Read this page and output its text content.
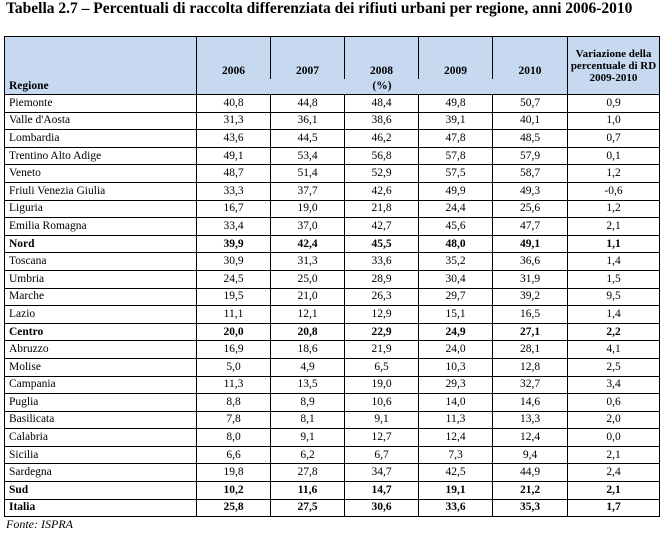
Tabella 2.7 – Percentuali di raccolta differenziata dei rifiuti urbani per regione, anni 2006-2010
Regione	2006	2007	2008	2009	2010	Variazione della percentuale di RD 2009-2010
	(%)					
Piemonte	40,8	44,8	48,4	49,8	50,7	0,9
Valle d'Aosta	31,3	36,1	38,6	39,1	40,1	1,0
Lombardia	43,6	44,5	46,2	47,8	48,5	0,7
Trentino Alto Adige	49,1	53,4	56,8	57,8	57,9	0,1
Veneto	48,7	51,4	52,9	57,5	58,7	1,2
Friuli Venezia Giulia	33,3	37,7	42,6	49,9	49,3	-0,6
Liguria	16,7	19,0	21,8	24,4	25,6	1,2
Emilia Romagna	33,4	37,0	42,7	45,6	47,7	2,1
Nord	39,9	42,4	45,5	48,0	49,1	1,1
Toscana	30,9	31,3	33,6	35,2	36,6	1,4
Umbria	24,5	25,0	28,9	30,4	31,9	1,5
Marche	19,5	21,0	26,3	29,7	39,2	9,5
Lazio	11,1	12,1	12,9	15,1	16,5	1,4
Centro	20,0	20,8	22,9	24,9	27,1	2,2
Abruzzo	16,9	18,6	21,9	24,0	28,1	4,1
Molise	5,0	4,9	6,5	10,3	12,8	2,5
Campania	11,3	13,5	19,0	29,3	32,7	3,4
Puglia	8,8	8,9	10,6	14,0	14,6	0,6
Basilicata	7,8	8,1	9,1	11,3	13,3	2,0
Calabria	8,0	9,1	12,7	12,4	12,4	0,0
Sicilia	6,6	6,2	6,7	7,3	9,4	2,1
Sardegna	19,8	27,8	34,7	42,5	44,9	2,4
Sud	10,2	11,6	14,7	19,1	21,2	2,1
Italia	25,8	27,5	30,6	33,6	35,3	1,7
Fonte: ISPRA
